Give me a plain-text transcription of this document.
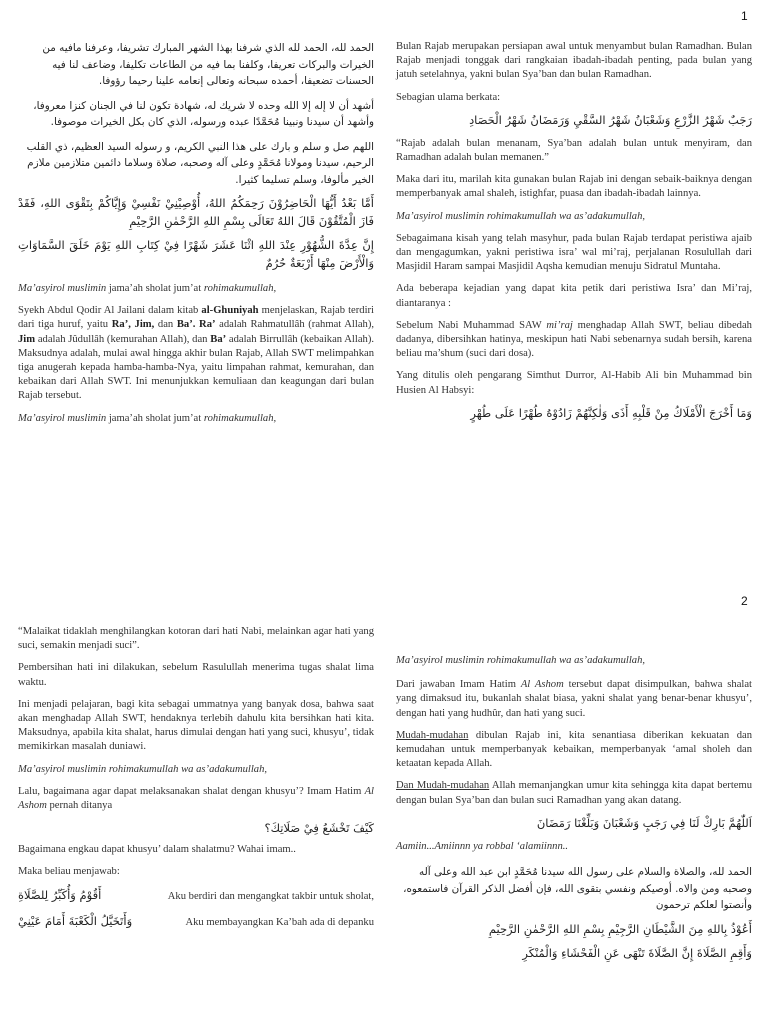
1

الحمد لله، الحمد لله الذي شرفنا بهذا الشهر المبارك تشريفا، وعرفنا مافيه من الخيرات والبركات تعريفا، وكلفنا بما فيه من الطاعات تكليفا، وضاعف لنا فيه الحسنات تضعيفا، أحمده سبحانه وتعالى إنعامه علينا رحيما رؤوفا.

أشهد أن لا إله إلا الله وحده لا شريك له، شهادة تكون لنا في الجنان كنزا معروفا، وأشهد أن سيدنا ونبينا مُحَمَّدًا عبده ورسوله، الذي كان بكل الخيرات موصوفا.

اللهم صل و سلم و بارك على هذا النبي الكريم، و رسوله السيد العظيم، ذي القلب الرحيم، سيدنا ومولانا مُحَمَّدٍ وعلى آله وصحبه، صلاة وسلاما دائمين متلازمين ملازم الخير مألوفا، وسلم تسليما كثيرا.

أَمَّا بَعْدُ أَيُّهَا الْحَاضِرُوْنَ رَحِمَكُمُ اللهُ، أُوْصِيْنِيْ نَفْسِيْ وَإِيَّاكُمْ بِتَقْوَى اللهِ، فَقَدْ فَازَ الْمُتَّقُوْنَ قَالَ اللهُ تَعَالَى بِسْمِ اللهِ الرَّحْمٰنِ الرَّحِيْمِ

إِنَّ عِدَّةَ الشُّهُوْرِ عِنْدَ اللهِ اثْنَا عَشَرَ شَهْرًا فِيْ كِتَابِ اللهِ يَوْمَ خَلَقَ السَّمَاوَاتِ وَالْأَرْضَ مِنْهَا أَرْبَعَةٌ حُرُمٌ

Ma’asyirol muslimin jama’ah sholat jum’at rohimakumullah,

Syekh Abdul Qodir Al Jailani dalam kitab al-Ghuniyah menjelaskan, Rajab terdiri dari tiga huruf, yaitu Ra’, Jim, dan Ba’. Ra’ adalah Rahmatullâh (rahmat Allah), Jim adalah Jûdullâh (kemurahan Allah), dan Ba’ adalah Birrullâh (kebaikan Allah). Maksudnya adalah, mulai awal hingga akhir bulan Rajab, Allah SWT melimpahkan tiga anugerah kepada hamba-hamba-Nya, yaitu limpahan rahmat, kemurahan, dan kebaikan dari Allah SWT. Ini menunjukkan kemuliaan dan keagungan dari bulan Rajab tersebut.

Ma’asyirol muslimin jama’ah sholat jum’at rohimakumullah,

Bulan Rajab merupakan persiapan awal untuk menyambut bulan Ramadhan. Bulan Rajab menjadi tonggak dari rangkaian ibadah-ibadah penting, pada bulan yang jatuh setelahnya, yakni bulan Sya’ban dan bulan Ramadhan.

Sebagian ulama berkata:

رَجَبٌ شَهْرُ الزَّرْعِ وَشَعْبَانُ شَهْرُ السَّقْيِ وَرَمَضَانُ شَهْرُ الْحَصَادِ

“Rajab adalah bulan menanam, Sya’ban adalah bulan untuk menyiram, dan Ramadhan adalah bulan memanen.”

Maka dari itu, marilah kita gunakan bulan Rajab ini dengan sebaik-baiknya dengan memperbanyak amal shaleh, istighfar, puasa dan ibadah-ibadah lainnya.

Ma’asyirol muslimin rohimakumullah wa as’adakumullah,

Sebagaimana kisah yang telah masyhur, pada bulan Rajab terdapat peristiwa ajaib dan mengagumkan, yakni peristiwa isra’ wal mi’raj, perjalanan Rosulullah dari Masjidil Haram sampai Masjidil Aqsha kemudian menuju Sidratul Muntaha.

Ada beberapa kejadian yang dapat kita petik dari peristiwa Isra’ dan Mi’raj, diantaranya :

Sebelum Nabi Muhammad SAW mi’raj menghadap Allah SWT, beliau dibedah dadanya, dibersihkan hatinya, meskipun hati Nabi sebenarnya sudah bersih, karena beliau ma’shum (suci dari dosa).

Yang ditulis oleh pengarang Simthut Durror, Al-Habib Ali bin Muhammad bin Husien Al Habsyi:

وَمَا أَخْرَجَ الْأَمْلَاكُ مِنْ قَلْبِهِ أَذَى وَلٰكِنَّهُمْ زَادُوْهُ طُهْرًا عَلَى طُهْرٍ

2

“Malaikat tidaklah menghilangkan kotoran dari hati Nabi, melainkan agar hati yang suci, semakin menjadi suci”.

Pembersihan hati ini dilakukan, sebelum Rasulullah menerima tugas shalat lima waktu.

Ini menjadi pelajaran, bagi kita sebagai ummatnya yang banyak dosa, bahwa saat akan menghadap Allah SWT, hendaknya terlebih dahulu kita bersihkan hati kita. Maksudnya, apabila kita shalat, harus dimulai dengan hati yang suci, khusyu’, tidak memikirkan masalah duniawi.

Ma’asyirol muslimin rohimakumullah wa as’adakumullah,

Lalu, bagaimana agar dapat melaksanakan shalat dengan khusyu’? Imam Hatim Al Ashom pernah ditanya

كَيْفَ تَخْشَعُ فِيْ صَلَاتِكَ؟

Bagaimana engkau dapat khusyu’ dalam shalatmu? Wahai imam..

Maka beliau menjawab:

أَقُوْمُ وَأُكَبِّرُ لِلصَّلَاةِ	Aku berdiri dan mengangkat takbir untuk sholat,

وَأَتَخَيَّلُ الْكَعْبَةَ أَمَامَ عَيْنِيْ	Aku membayangkan Ka’bah ada di depanku

Ma’asyirol muslimin rohimakumullah wa as’adakumullah,

Dari jawaban Imam Hatim Al Ashom tersebut dapat disimpulkan, bahwa shalat yang dimaksud itu, bukanlah shalat biasa, yakni shalat yang benar-benar khusyu’, dengan hati yang hudhûr, dan hati yang suci.

Mudah-mudahan dibulan Rajab ini, kita senantiasa diberikan kekuatan dan kemudahan untuk memperbanyak kebaikan, memperbanyak ‘amal sholeh dan ketaatan kepada Allah.

Dan Mudah-mudahan Allah memanjangkan umur kita sehingga kita dapat bertemu dengan bulan Sya’ban dan bulan suci Ramadhan yang akan datang.

اَللّٰهُمَّ بَارِكْ لَنَا فِي رَجَبٍ وَشَعْبَانَ وَبَلِّغْنَا رَمَضَانَ

Aamiin...Amiinnn ya robbal ‘alamiinnn..

الحمد لله، والصلاة والسلام على رسول الله سيدنا مُحَمَّدٍ ابن عبد الله وعلى آله وصحبه ومن والاه. أوصيكم ونفسي بتقوى الله، فإن أفضل الذكر القرآن فاستمعوه، وأنصتوا لعلكم ترحمون

أَعُوْذُ بِاللهِ مِنَ الشَّيْطَانِ الرَّجِيْمِ بِسْمِ اللهِ الرَّحْمٰنِ الرَّحِيْمِ

وَأَقِمِ الصَّلَاةَ إِنَّ الصَّلَاةَ تَنْهَى عَنِ الْفَحْشَاءِ وَالْمُنْكَرِ
